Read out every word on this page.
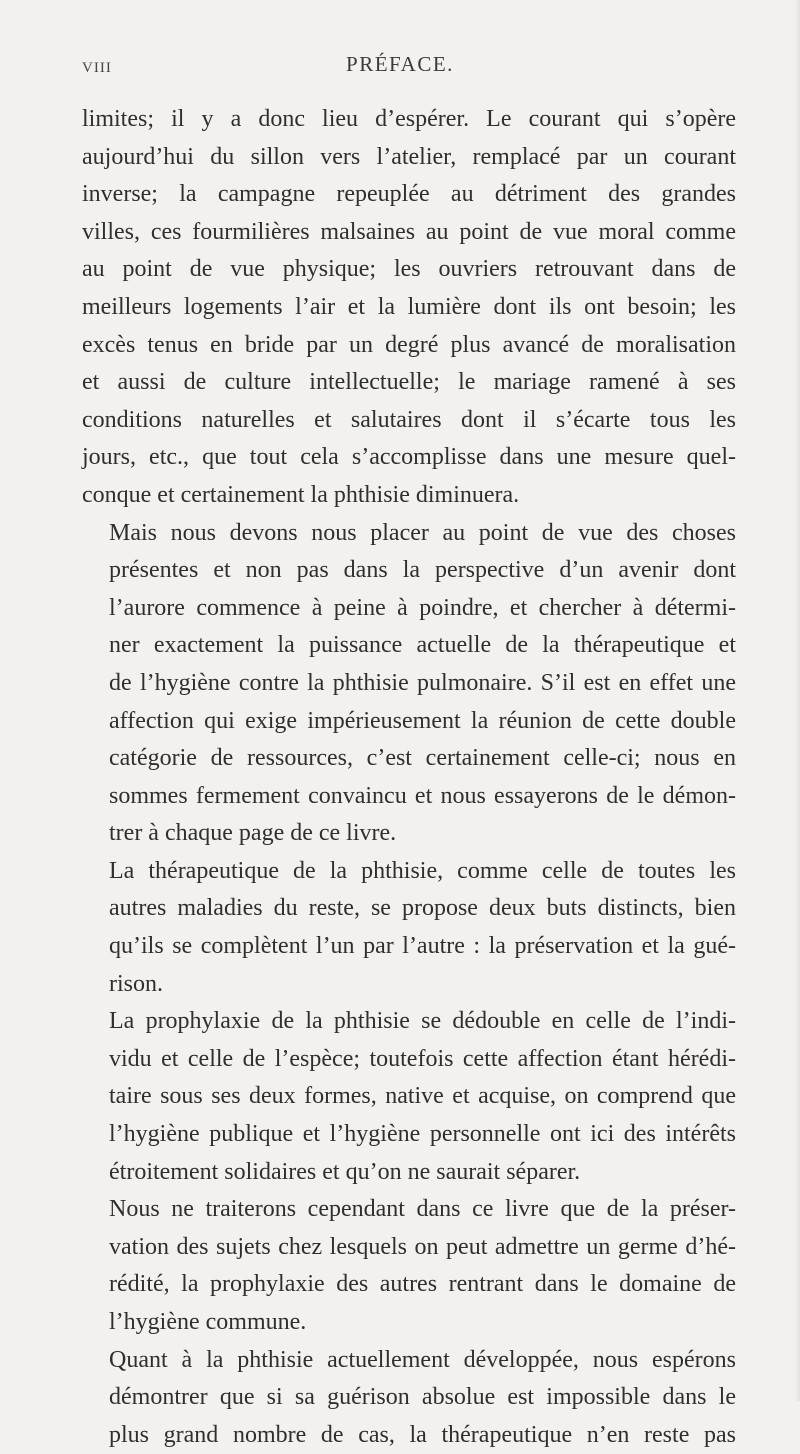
VIII	PRÉFACE.

limites; il y a donc lieu d’espérer. Le courant qui s’opère
aujourd’hui du sillon vers l’atelier, remplacé par un courant
inverse; la campagne repeuplée au détriment des grandes
villes, ces fourmilières malsaines au point de vue moral comme
au point de vue physique; les ouvriers retrouvant dans de
meilleurs logements l’air et la lumière dont ils ont besoin; les
excès tenus en bride par un degré plus avancé de moralisation
et aussi de culture intellectuelle; le mariage ramené à ses
conditions naturelles et salutaires dont il s’écarte tous les
jours, etc., que tout cela s’accomplisse dans une mesure quel-
conque et certainement la phthisie diminuera.

Mais nous devons nous placer au point de vue des choses
présentes et non pas dans la perspective d’un avenir dont
l’aurore commence à peine à poindre, et chercher à détermi-
ner exactement la puissance actuelle de la thérapeutique et
de l’hygiène contre la phthisie pulmonaire. S’il est en effet une
affection qui exige impérieusement la réunion de cette double
catégorie de ressources, c’est certainement celle-ci; nous en
sommes fermement convaincu et nous essayerons de le démon-
trer à chaque page de ce livre.

La thérapeutique de la phthisie, comme celle de toutes les
autres maladies du reste, se propose deux buts distincts, bien
qu’ils se complètent l’un par l’autre : la préservation et la gué-
rison.

La prophylaxie de la phthisie se dédouble en celle de l’indi-
vidu et celle de l’espèce; toutefois cette affection étant hérédi-
taire sous ses deux formes, native et acquise, on comprend que
l’hygiène publique et l’hygiène personnelle ont ici des intérêts
étroitement solidaires et qu’on ne saurait séparer.

Nous ne traiterons cependant dans ce livre que de la préser-
vation des sujets chez lesquels on peut admettre un germe d’hé-
rédité, la prophylaxie des autres rentrant dans le domaine de
l’hygiène commune.

Quant à la phthisie actuellement développée, nous espérons
démontrer que si sa guérison absolue est impossible dans le
plus grand nombre de cas, la thérapeutique n’en reste pas
